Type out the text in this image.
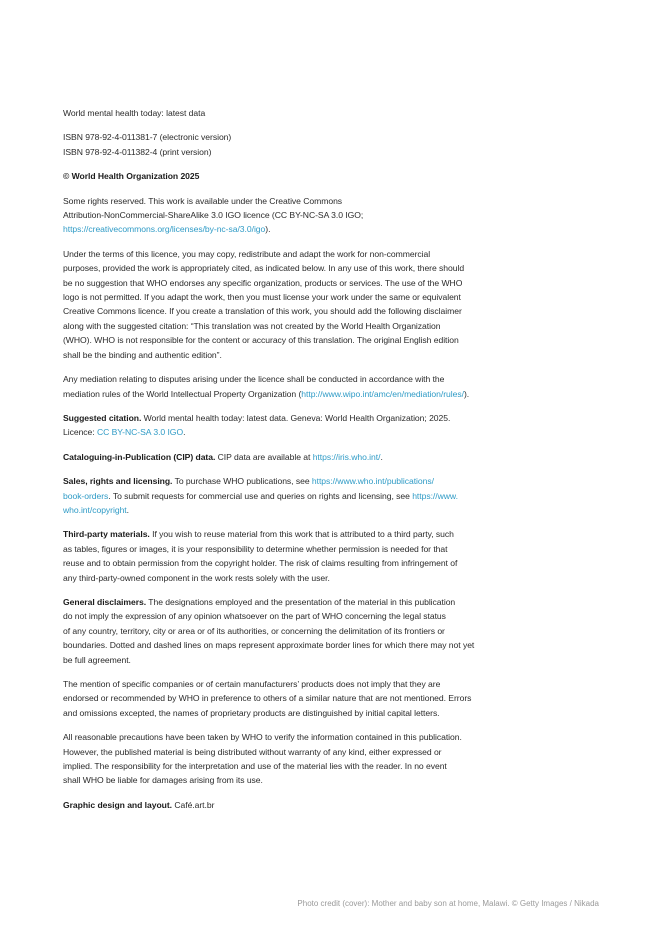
World mental health today: latest data

ISBN 978-92-4-011381-7 (electronic version)
ISBN 978-92-4-011382-4 (print version)

© World Health Organization 2025

Some rights reserved. This work is available under the Creative Commons
Attribution-NonCommercial-ShareAlike 3.0 IGO licence (CC BY-NC-SA 3.0 IGO;
https://creativecommons.org/licenses/by-nc-sa/3.0/igo).

Under the terms of this licence, you may copy, redistribute and adapt the work for non-commercial
purposes, provided the work is appropriately cited, as indicated below. In any use of this work, there should
be no suggestion that WHO endorses any specific organization, products or services. The use of the WHO
logo is not permitted. If you adapt the work, then you must license your work under the same or equivalent
Creative Commons licence. If you create a translation of this work, you should add the following disclaimer
along with the suggested citation: “This translation was not created by the World Health Organization
(WHO). WHO is not responsible for the content or accuracy of this translation. The original English edition
shall be the binding and authentic edition”.

Any mediation relating to disputes arising under the licence shall be conducted in accordance with the
mediation rules of the World Intellectual Property Organization (http://www.wipo.int/amc/en/mediation/rules/).

Suggested citation. World mental health today: latest data. Geneva: World Health Organization; 2025.
Licence: CC BY-NC-SA 3.0 IGO.

Cataloguing-in-Publication (CIP) data. CIP data are available at https://iris.who.int/.

Sales, rights and licensing. To purchase WHO publications, see https://www.who.int/publications/
book-orders. To submit requests for commercial use and queries on rights and licensing, see https://www.
who.int/copyright.

Third-party materials. If you wish to reuse material from this work that is attributed to a third party, such
as tables, figures or images, it is your responsibility to determine whether permission is needed for that
reuse and to obtain permission from the copyright holder. The risk of claims resulting from infringement of
any third-party-owned component in the work rests solely with the user.

General disclaimers. The designations employed and the presentation of the material in this publication
do not imply the expression of any opinion whatsoever on the part of WHO concerning the legal status
of any country, territory, city or area or of its authorities, or concerning the delimitation of its frontiers or
boundaries. Dotted and dashed lines on maps represent approximate border lines for which there may not yet
be full agreement.

The mention of specific companies or of certain manufacturers’ products does not imply that they are
endorsed or recommended by WHO in preference to others of a similar nature that are not mentioned. Errors
and omissions excepted, the names of proprietary products are distinguished by initial capital letters.

All reasonable precautions have been taken by WHO to verify the information contained in this publication.
However, the published material is being distributed without warranty of any kind, either expressed or
implied. The responsibility for the interpretation and use of the material lies with the reader. In no event
shall WHO be liable for damages arising from its use.

Graphic design and layout. Café.art.br

Photo credit (cover): Mother and baby son at home, Malawi. © Getty Images / Nikada
